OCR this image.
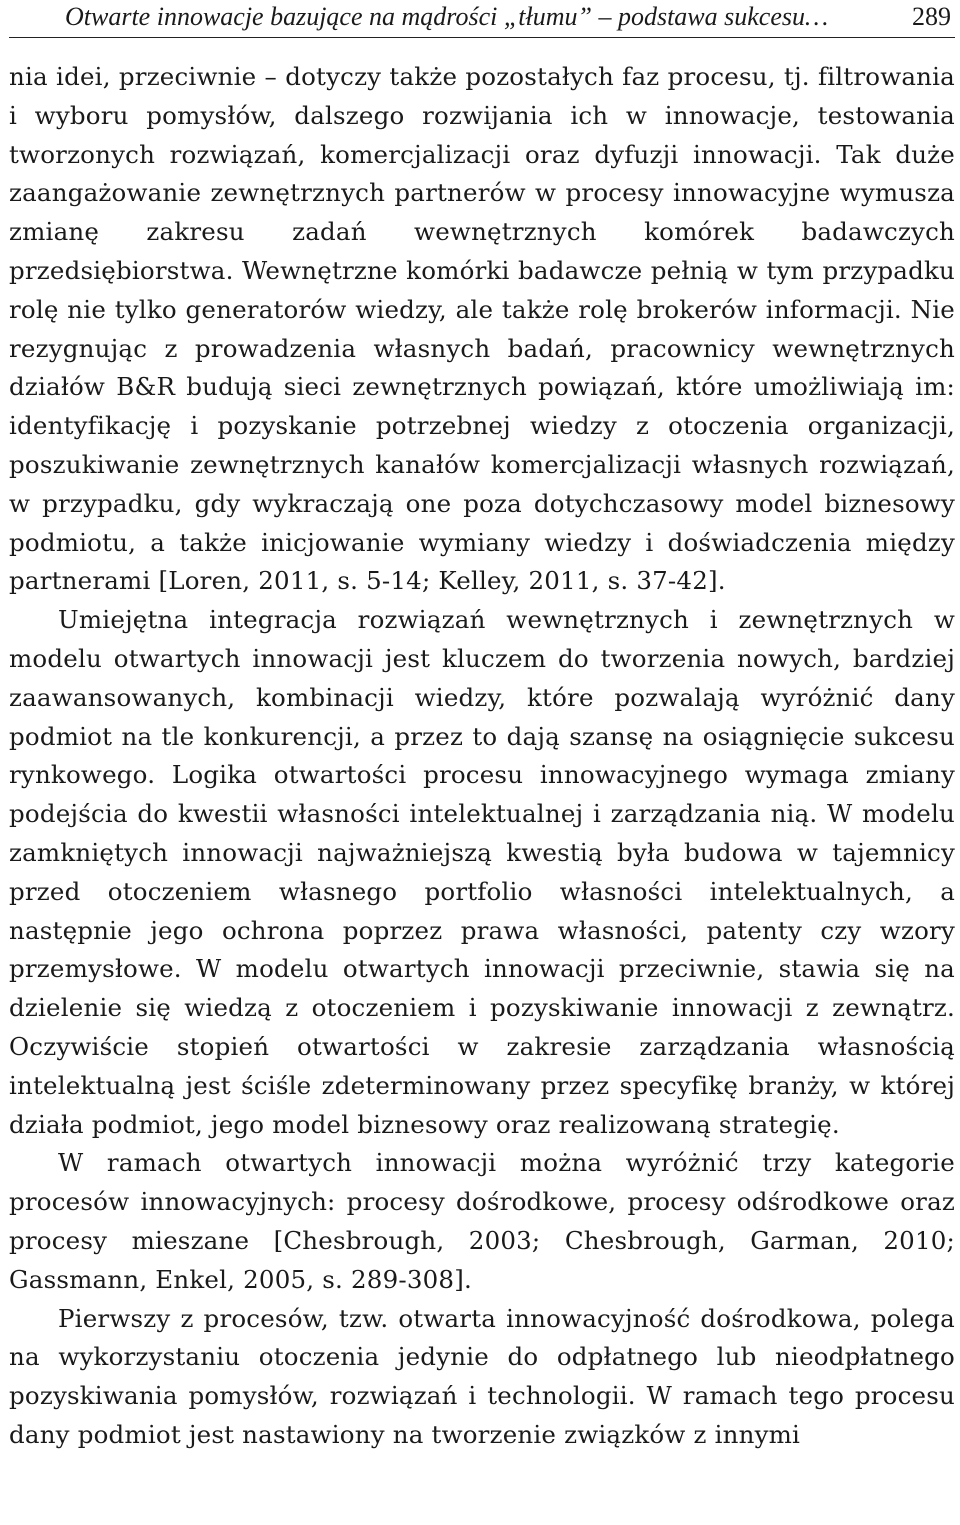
Otwarte innowacje bazujące na mądrości „tłumu” – podstawa sukcesu…	289

nia idei, przeciwnie – dotyczy także pozostałych faz procesu, tj. filtrowania i wyboru pomysłów, dalszego rozwijania ich w innowacje, testowania tworzonych rozwiązań, komercjalizacji oraz dyfuzji innowacji. Tak duże zaangażowanie zewnętrznych partnerów w procesy innowacyjne wymusza zmianę zakresu zadań wewnętrznych komórek badawczych przedsiębiorstwa. Wewnętrzne komórki badawcze pełnią w tym przypadku rolę nie tylko generatorów wiedzy, ale także rolę brokerów informacji. Nie rezygnując z prowadzenia własnych badań, pracownicy wewnętrznych działów B&R budują sieci zewnętrznych powiązań, które umożliwiają im: identyfikację i pozyskanie potrzebnej wiedzy z otoczenia organizacji, poszukiwanie zewnętrznych kanałów komercjalizacji własnych rozwiązań, w przypadku, gdy wykraczają one poza dotychczasowy model biznesowy podmiotu, a także inicjowanie wymiany wiedzy i doświadczenia między partnerami [Loren, 2011, s. 5-14; Kelley, 2011, s. 37-42].

Umiejętna integracja rozwiązań wewnętrznych i zewnętrznych w modelu otwartych innowacji jest kluczem do tworzenia nowych, bardziej zaawansowanych, kombinacji wiedzy, które pozwalają wyróżnić dany podmiot na tle konkurencji, a przez to dają szansę na osiągnięcie sukcesu rynkowego. Logika otwartości procesu innowacyjnego wymaga zmiany podejścia do kwestii własności intelektualnej i zarządzania nią. W modelu zamkniętych innowacji najważniejszą kwestią była budowa w tajemnicy przed otoczeniem własnego portfolio własności intelektualnych, a następnie jego ochrona poprzez prawa własności, patenty czy wzory przemysłowe. W modelu otwartych innowacji przeciwnie, stawia się na dzielenie się wiedzą z otoczeniem i pozyskiwanie innowacji z zewnątrz. Oczywiście stopień otwartości w zakresie zarządzania własnością intelektualną jest ściśle zdeterminowany przez specyfikę branży, w której działa podmiot, jego model biznesowy oraz realizowaną strategię.

W ramach otwartych innowacji można wyróżnić trzy kategorie procesów innowacyjnych: procesy dośrodkowe, procesy odśrodkowe oraz procesy mieszane [Chesbrough, 2003; Chesbrough, Garman, 2010; Gassmann, Enkel, 2005, s. 289-308].

Pierwszy z procesów, tzw. otwarta innowacyjność dośrodkowa, polega na wykorzystaniu otoczenia jedynie do odpłatnego lub nieodpłatnego pozyskiwania pomysłów, rozwiązań i technologii. W ramach tego procesu dany podmiot jest nastawiony na tworzenie związków z innymi
